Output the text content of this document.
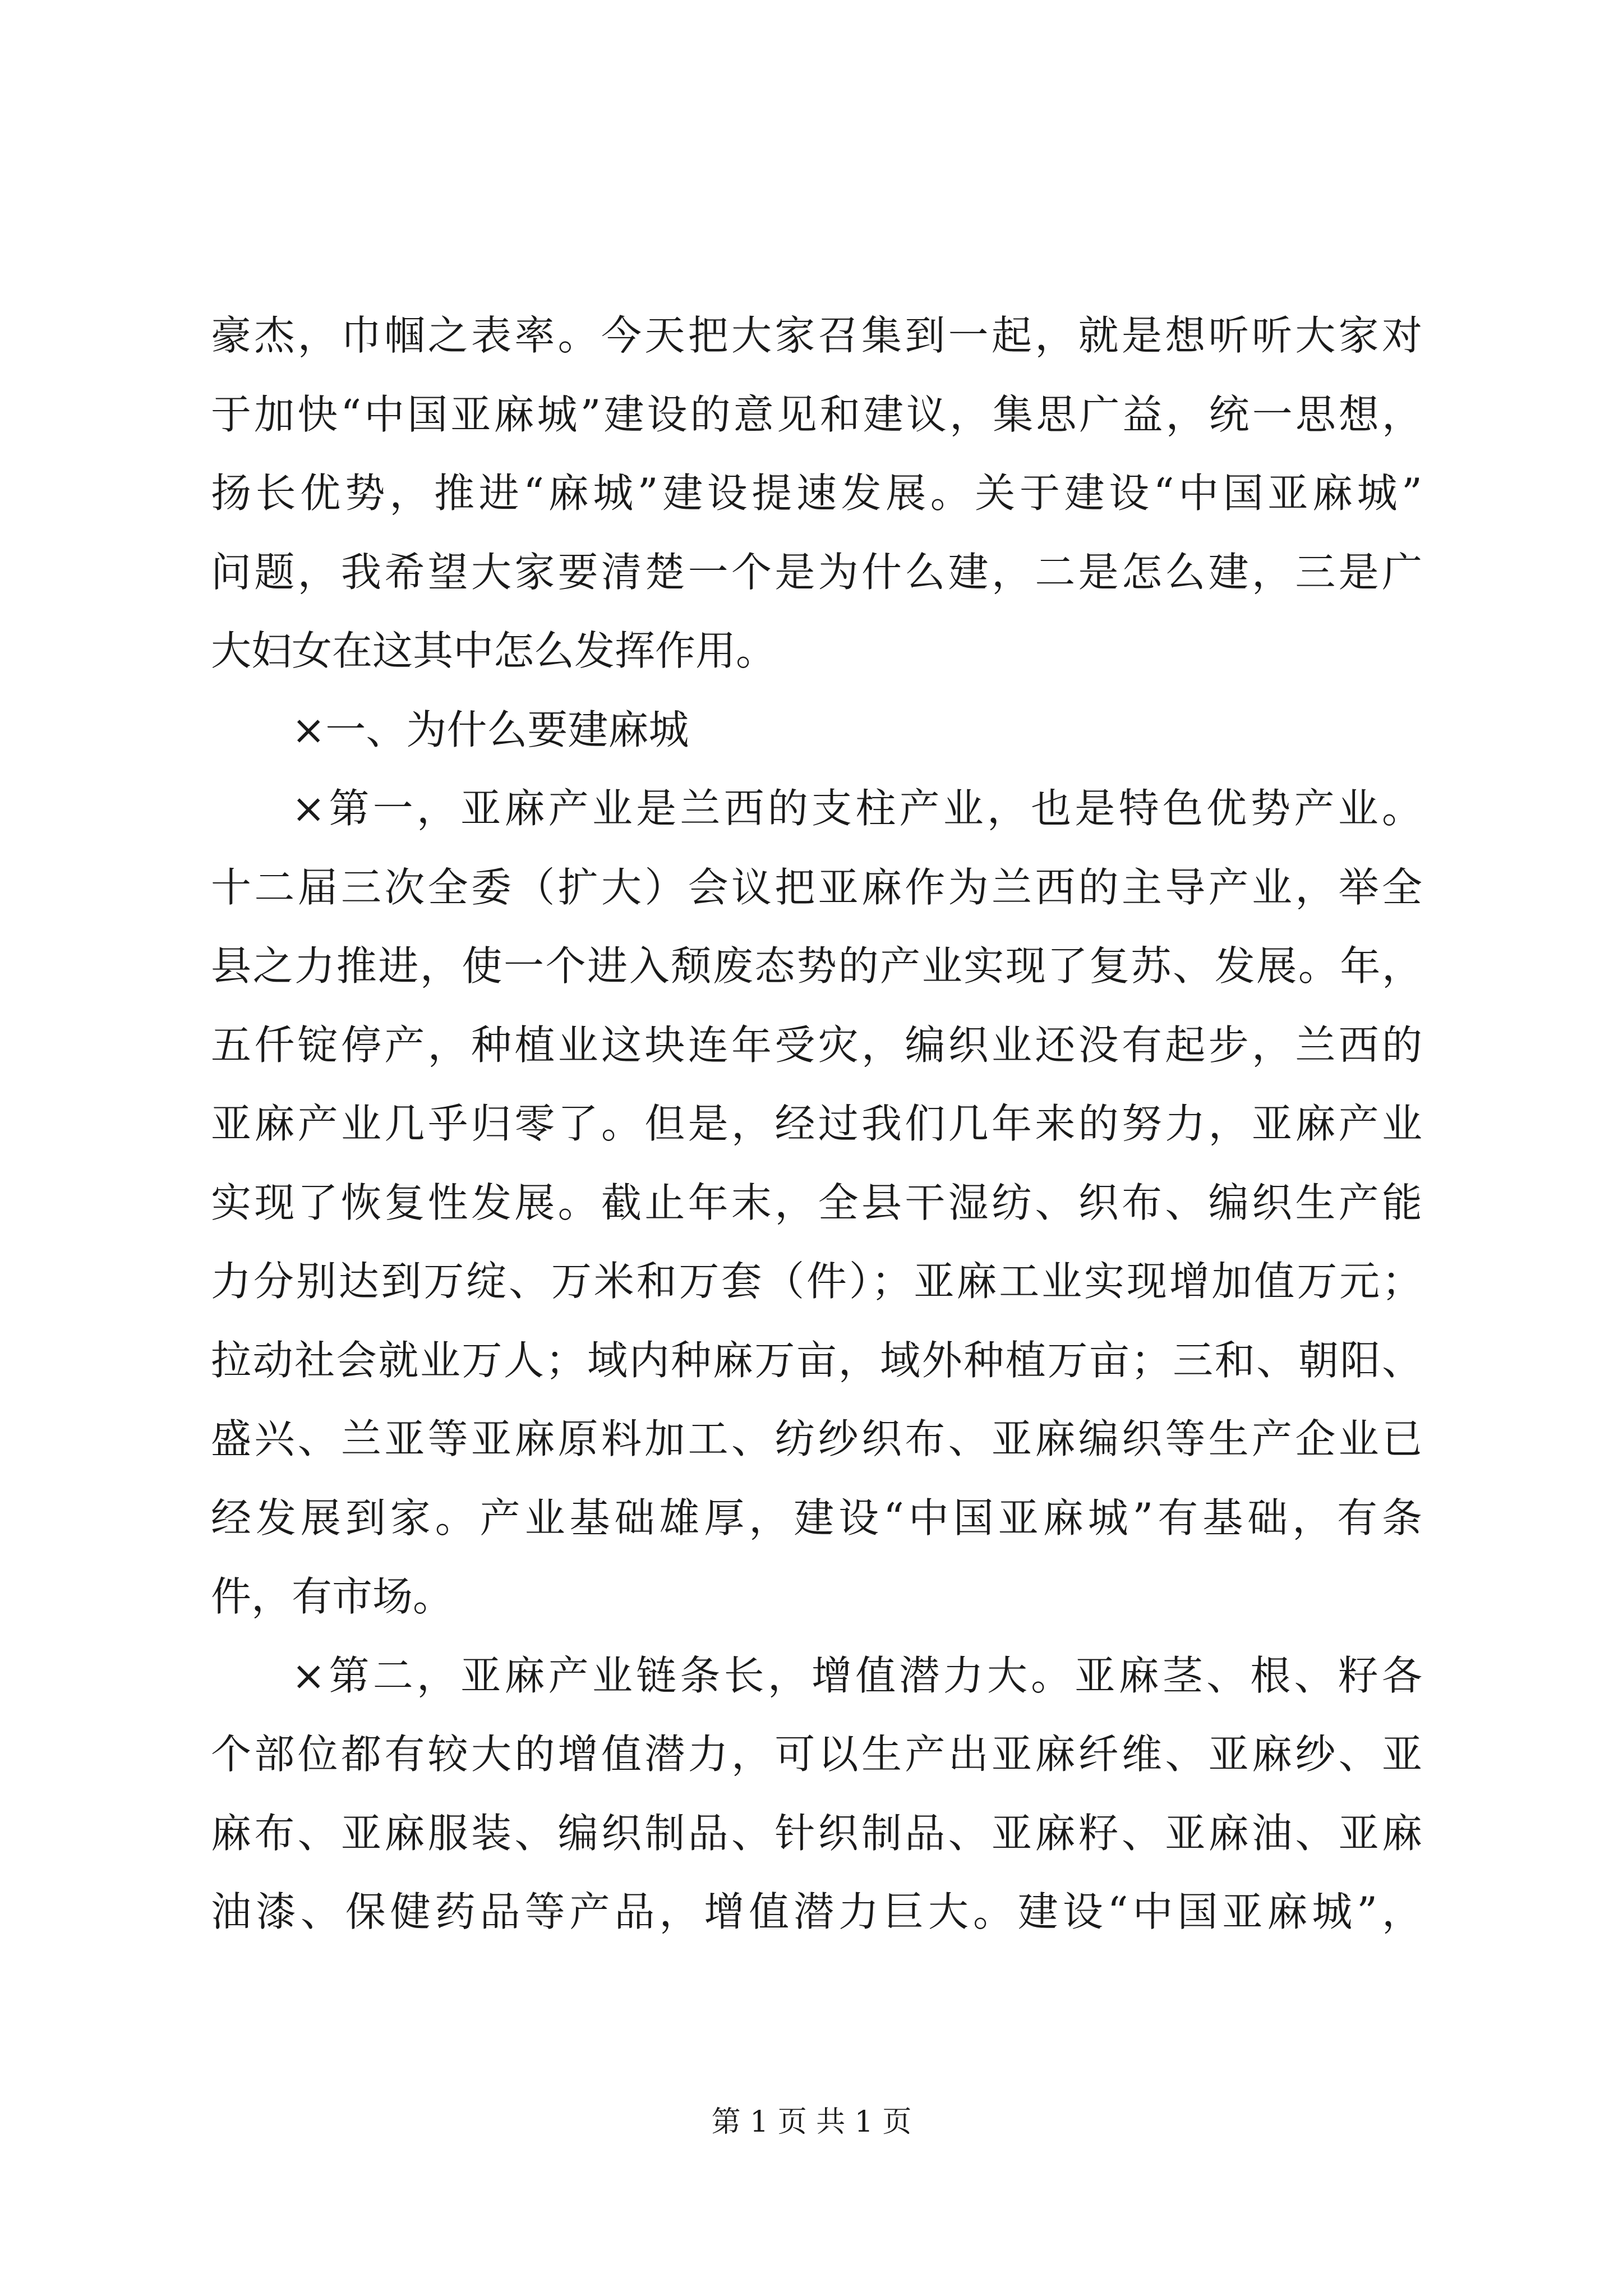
豪杰，巾帼之表率。今天把大家召集到一起，就是想听听大家对
于加快“中国亚麻城”建设的意见和建议，集思广益，统一思想，
扬长优势，推进“麻城”建设提速发展。关于建设“中国亚麻城”
问题，我希望大家要清楚一个是为什么建，二是怎么建，三是广
大妇女在这其中怎么发挥作用。
×一、为什么要建麻城
×第一，亚麻产业是兰西的支柱产业，也是特色优势产业。
十二届三次全委（扩大）会议把亚麻作为兰西的主导产业，举全
县之力推进，使一个进入颓废态势的产业实现了复苏、发展。年，
五仟锭停产，种植业这块连年受灾，编织业还没有起步，兰西的
亚麻产业几乎归零了。但是，经过我们几年来的努力，亚麻产业
实现了恢复性发展。截止年末，全县干湿纺、织布、编织生产能
力分别达到万绽、万米和万套（件）；亚麻工业实现增加值万元；
拉动社会就业万人；域内种麻万亩，域外种植万亩；三和、朝阳、
盛兴、兰亚等亚麻原料加工、纺纱织布、亚麻编织等生产企业已
经发展到家。产业基础雄厚，建设“中国亚麻城”有基础，有条
件，有市场。
×第二，亚麻产业链条长，增值潜力大。亚麻茎、根、籽各
个部位都有较大的增值潜力，可以生产出亚麻纤维、亚麻纱、亚
麻布、亚麻服装、编织制品、针织制品、亚麻籽、亚麻油、亚麻
油漆、保健药品等产品，增值潜力巨大。建设“中国亚麻城”，
第 1 页 共 1 页
